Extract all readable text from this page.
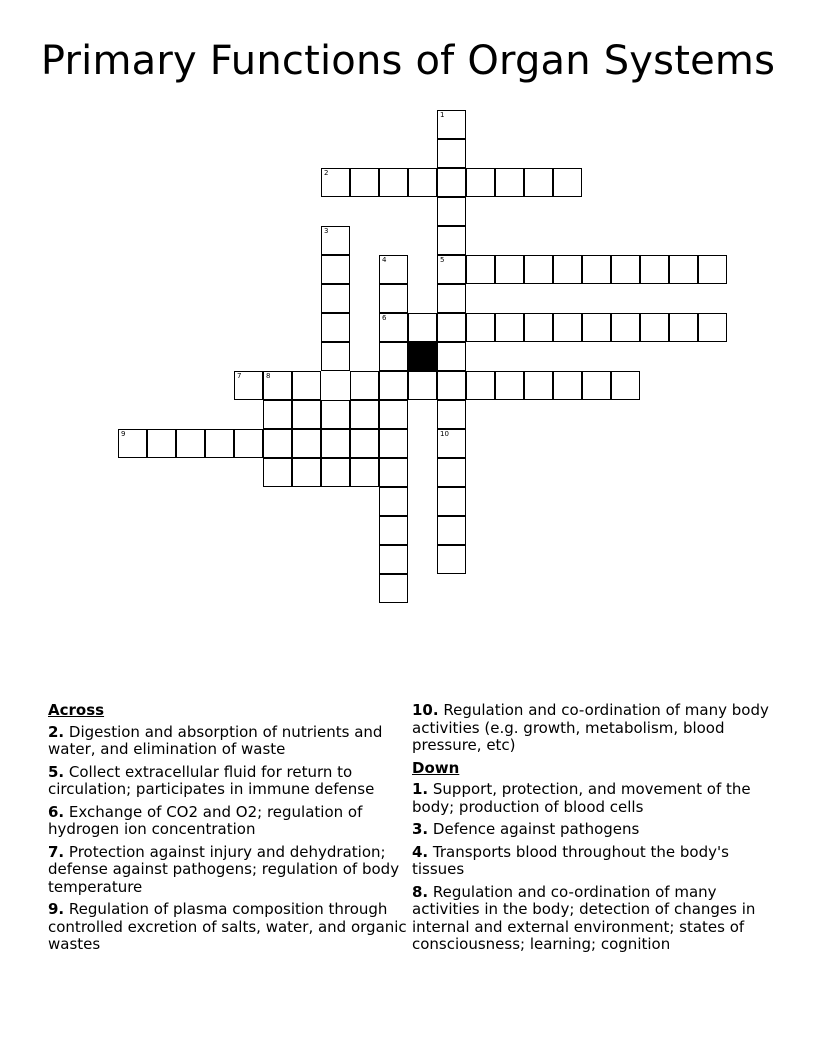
Primary Functions of Organ Systems
1
5
10
2
3
4
6
7	8
9
Across
2. Digestion and absorption of nutrients and water, and elimination of waste
5. Collect extracellular fluid for return to circulation; participates in immune defense
6. Exchange of CO2 and O2; regulation of hydrogen ion concentration
7. Protection against injury and dehydration; defense against pathogens; regulation of body temperature
9. Regulation of plasma composition through controlled excretion of salts, water, and organic wastes
10. Regulation and co-ordination of many body activities (e.g. growth, metabolism, blood pressure, etc)
Down
1. Support, protection, and movement of the body; production of blood cells
3. Defence against pathogens
4. Transports blood throughout the body's tissues
8. Regulation and co-ordination of many activities in the body; detection of changes in internal and external environment; states of consciousness; learning; cognition
